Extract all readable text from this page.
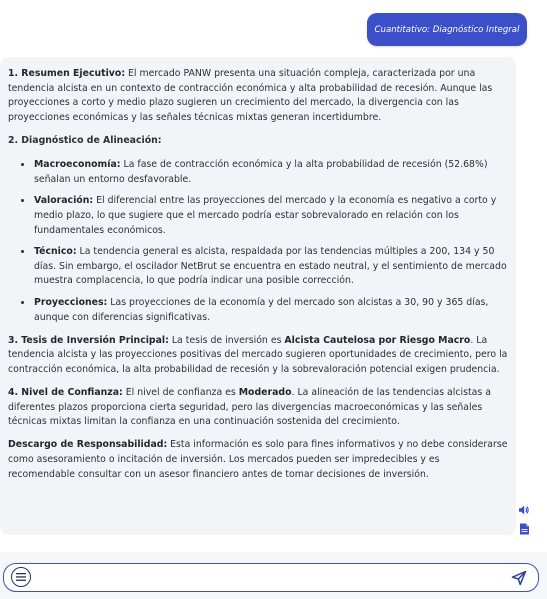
Cuantitativo: Diagnóstico Integral

1. Resumen Ejecutivo: El mercado PANW presenta una situación compleja, caracterizada por una tendencia alcista en un contexto de contracción económica y alta probabilidad de recesión. Aunque las proyecciones a corto y medio plazo sugieren un crecimiento del mercado, la divergencia con las proyecciones económicas y las señales técnicas mixtas generan incertidumbre.

2. Diagnóstico de Alineación:

• Macroeconomía: La fase de contracción económica y la alta probabilidad de recesión (52.68%) señalan un entorno desfavorable.
• Valoración: El diferencial entre las proyecciones del mercado y la economía es negativo a corto y medio plazo, lo que sugiere que el mercado podría estar sobrevalorado en relación con los fundamentales económicos.
• Técnico: La tendencia general es alcista, respaldada por las tendencias múltiples a 200, 134 y 50 días. Sin embargo, el oscilador NetBrut se encuentra en estado neutral, y el sentimiento de mercado muestra complacencia, lo que podría indicar una posible corrección.
• Proyecciones: Las proyecciones de la economía y del mercado son alcistas a 30, 90 y 365 días, aunque con diferencias significativas.

3. Tesis de Inversión Principal: La tesis de inversión es Alcista Cautelosa por Riesgo Macro. La tendencia alcista y las proyecciones positivas del mercado sugieren oportunidades de crecimiento, pero la contracción económica, la alta probabilidad de recesión y la sobrevaloración potencial exigen prudencia.

4. Nivel de Confianza: El nivel de confianza es Moderado. La alineación de las tendencias alcistas a diferentes plazos proporciona cierta seguridad, pero las divergencias macroeconómicas y las señales técnicas mixtas limitan la confianza en una continuación sostenida del crecimiento.

Descargo de Responsabilidad: Esta información es solo para fines informativos y no debe considerarse como asesoramiento o incitación de inversión. Los mercados pueden ser impredecibles y es recomendable consultar con un asesor financiero antes de tomar decisiones de inversión.
